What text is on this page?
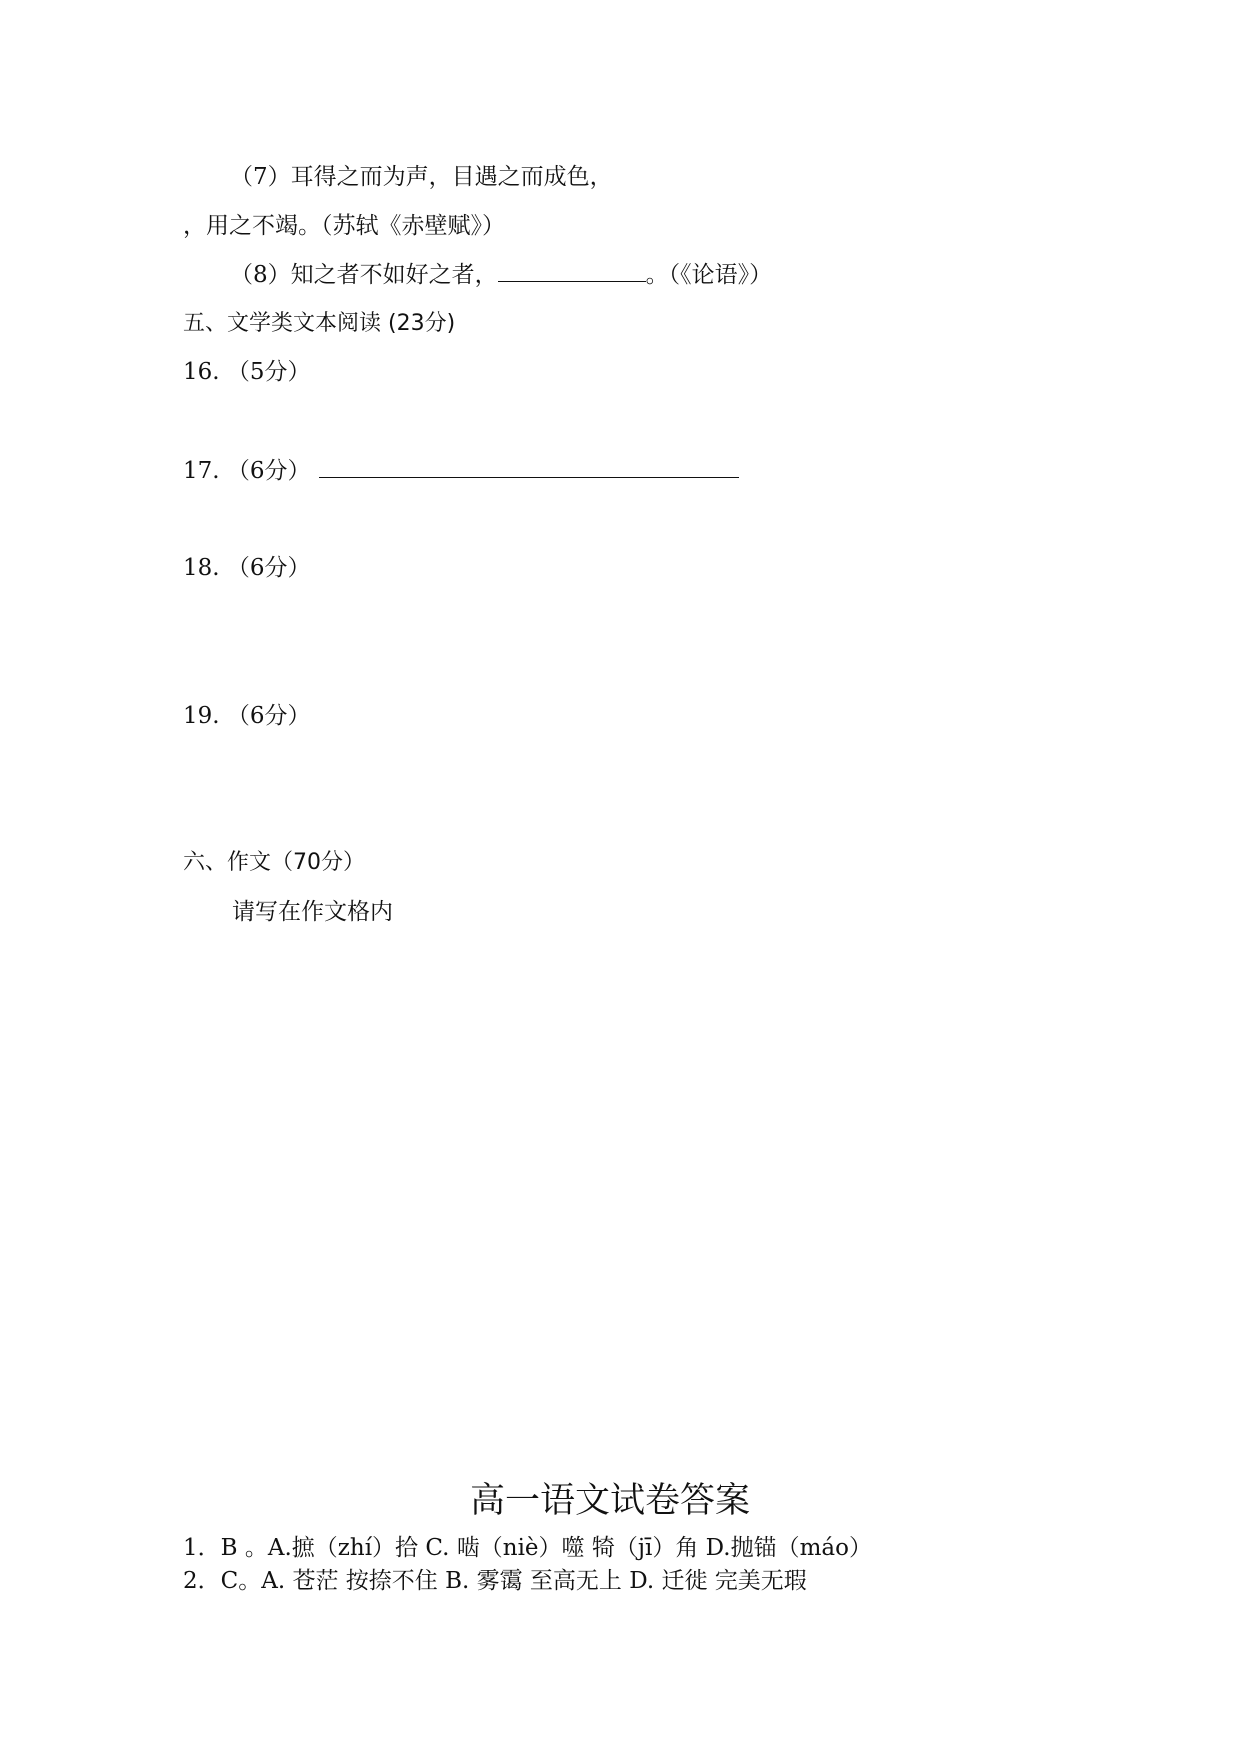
（7）耳得之而为声，目遇之而成色，
，用之不竭。（苏轼《赤壁赋》）
（8）知之者不如好之者，	。（《论语》）
五、文学类文本阅读 (23分)
16. （5分）
17. （6分）
18. （6分）
19. （6分）
六、作文（70分）
请写在作文格内
高一语文试卷答案
1．B 。A.摭（zhí）拾 C. 啮（niè）噬 犄（jī）角 D.抛锚（máo）
2．C。A. 苍茫 按捺不住 B. 雾霭 至高无上 D. 迁徙 完美无瑕
